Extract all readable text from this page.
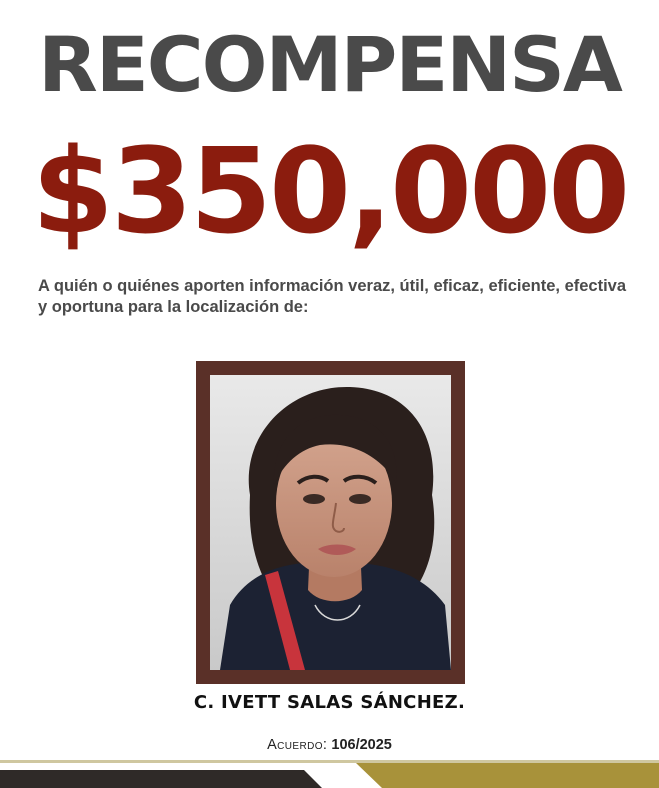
RECOMPENSA
$350,000
A quién o quiénes aporten información veraz, útil, eficaz, eficiente, efectiva y oportuna para la localización de:
C. IVETT SALAS SÁNCHEZ.
Acuerdo: 106/2025
